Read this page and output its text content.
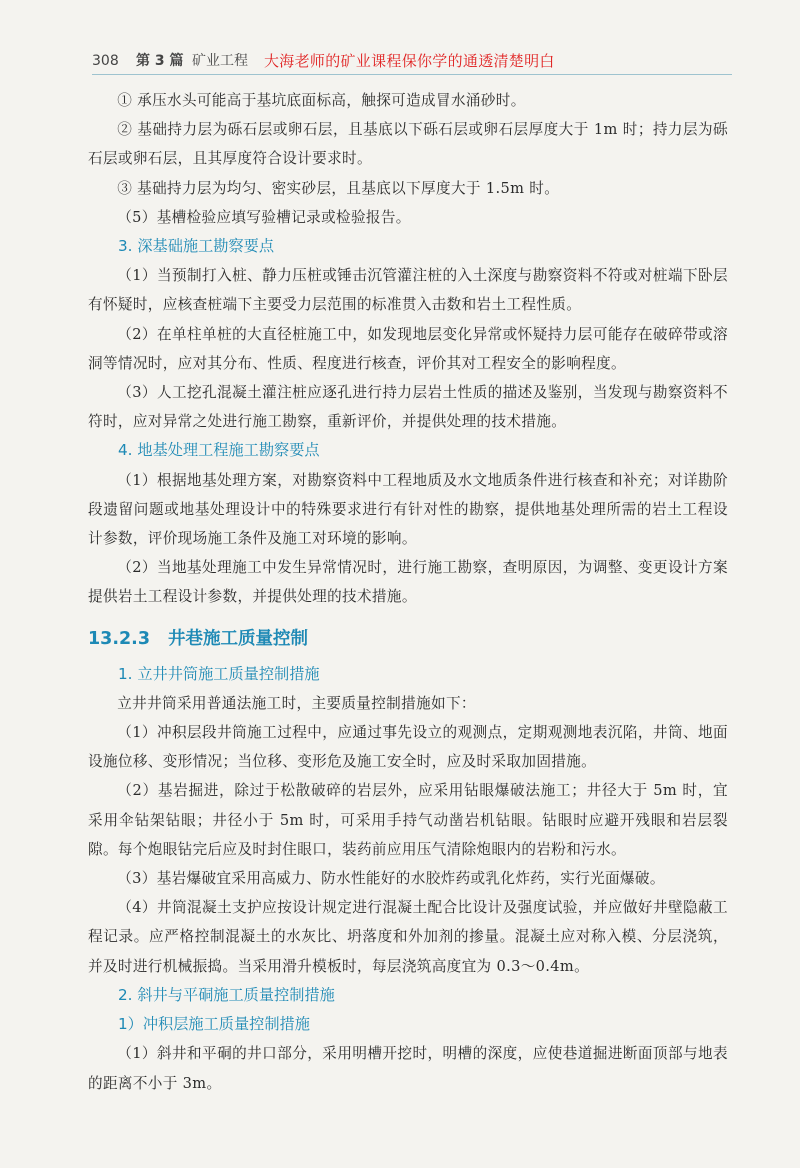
308 第 3 篇 矿业工程 大海老师的矿业课程保你学的通透清楚明白

① 承压水头可能高于基坑底面标高，触探可造成冒水涌砂时。

② 基础持力层为砾石层或卵石层，且基底以下砾石层或卵石层厚度大于 1m 时；持力层为砾石层或卵石层，且其厚度符合设计要求时。

③ 基础持力层为均匀、密实砂层，且基底以下厚度大于 1.5m 时。

（5）基槽检验应填写验槽记录或检验报告。

3. 深基础施工勘察要点

（1）当预制打入桩、静力压桩或锤击沉管灌注桩的入土深度与勘察资料不符或对桩端下卧层有怀疑时，应核查桩端下主要受力层范围的标准贯入击数和岩土工程性质。

（2）在单柱单桩的大直径桩施工中，如发现地层变化异常或怀疑持力层可能存在破碎带或溶洞等情况时，应对其分布、性质、程度进行核查，评价其对工程安全的影响程度。

（3）人工挖孔混凝土灌注桩应逐孔进行持力层岩土性质的描述及鉴别，当发现与勘察资料不符时，应对异常之处进行施工勘察，重新评价，并提供处理的技术措施。

4. 地基处理工程施工勘察要点

（1）根据地基处理方案，对勘察资料中工程地质及水文地质条件进行核查和补充；对详勘阶段遗留问题或地基处理设计中的特殊要求进行有针对性的勘察，提供地基处理所需的岩土工程设计参数，评价现场施工条件及施工对环境的影响。

（2）当地基处理施工中发生异常情况时，进行施工勘察，查明原因，为调整、变更设计方案提供岩土工程设计参数，并提供处理的技术措施。

13.2.3 井巷施工质量控制
1. 立井井筒施工质量控制措施

立井井筒采用普通法施工时，主要质量控制措施如下：

（1）冲积层段井筒施工过程中，应通过事先设立的观测点，定期观测地表沉陷，井筒、地面设施位移、变形情况；当位移、变形危及施工安全时，应及时采取加固措施。

（2）基岩掘进，除过于松散破碎的岩层外，应采用钻眼爆破法施工；井径大于 5m 时，宜采用伞钻架钻眼；井径小于 5m 时，可采用手持气动凿岩机钻眼。钻眼时应避开残眼和岩层裂隙。每个炮眼钻完后应及时封住眼口，装药前应用压气清除炮眼内的岩粉和污水。

（3）基岩爆破宜采用高威力、防水性能好的水胶炸药或乳化炸药，实行光面爆破。

（4）井筒混凝土支护应按设计规定进行混凝土配合比设计及强度试验，并应做好井壁隐蔽工程记录。应严格控制混凝土的水灰比、坍落度和外加剂的掺量。混凝土应对称入模、分层浇筑，并及时进行机械振捣。当采用滑升模板时，每层浇筑高度宜为 0.3～0.4m。

2. 斜井与平硐施工质量控制措施
1）冲积层施工质量控制措施

（1）斜井和平硐的井口部分，采用明槽开挖时，明槽的深度，应使巷道掘进断面顶部与地表的距离不小于 3m。
